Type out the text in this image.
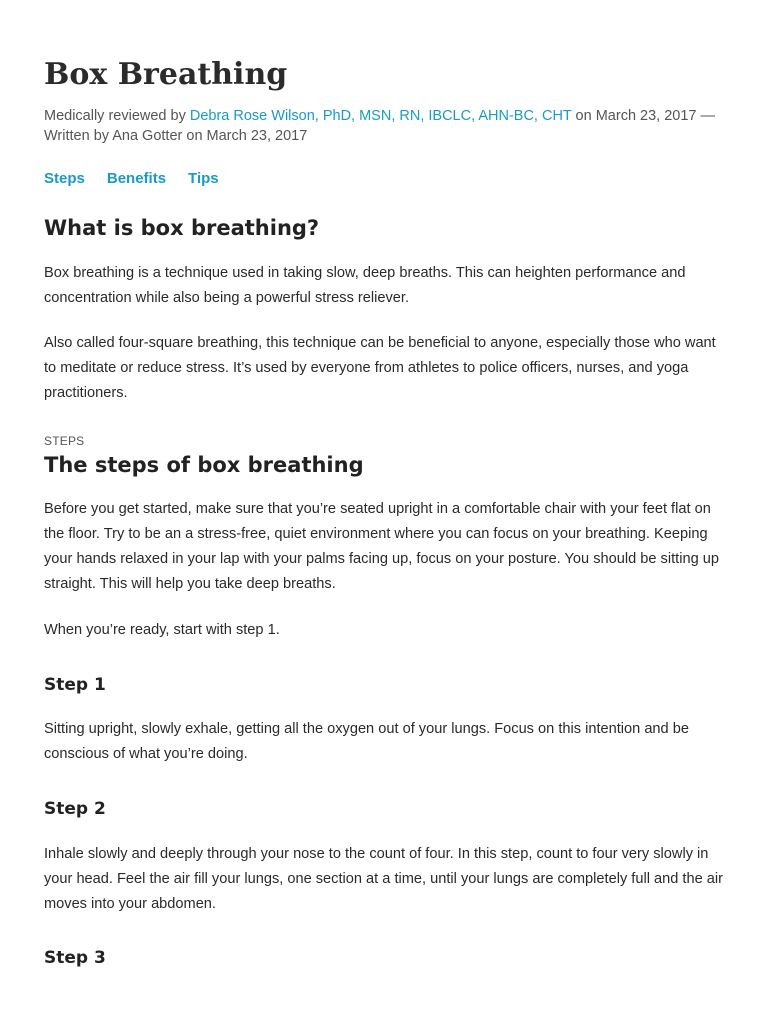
Box Breathing
Medically reviewed by Debra Rose Wilson, PhD, MSN, RN, IBCLC, AHN-BC, CHT on March 23, 2017 — Written by Ana Gotter on March 23, 2017
Steps Benefits Tips
What is box breathing?

Box breathing is a technique used in taking slow, deep breaths. This can heighten performance and concentration while also being a powerful stress reliever.

Also called four-square breathing, this technique can be beneficial to anyone, especially those who want to meditate or reduce stress. It’s used by everyone from athletes to police officers, nurses, and yoga practitioners.

STEPS
The steps of box breathing

Before you get started, make sure that you’re seated upright in a comfortable chair with your feet flat on the floor. Try to be an a stress-free, quiet environment where you can focus on your breathing. Keeping your hands relaxed in your lap with your palms facing up, focus on your posture. You should be sitting up straight. This will help you take deep breaths.

When you’re ready, start with step 1.

Step 1

Sitting upright, slowly exhale, getting all the oxygen out of your lungs. Focus on this intention and be conscious of what you’re doing.

Step 2

Inhale slowly and deeply through your nose to the count of four. In this step, count to four very slowly in your head. Feel the air fill your lungs, one section at a time, until your lungs are completely full and the air moves into your abdomen.

Step 3
